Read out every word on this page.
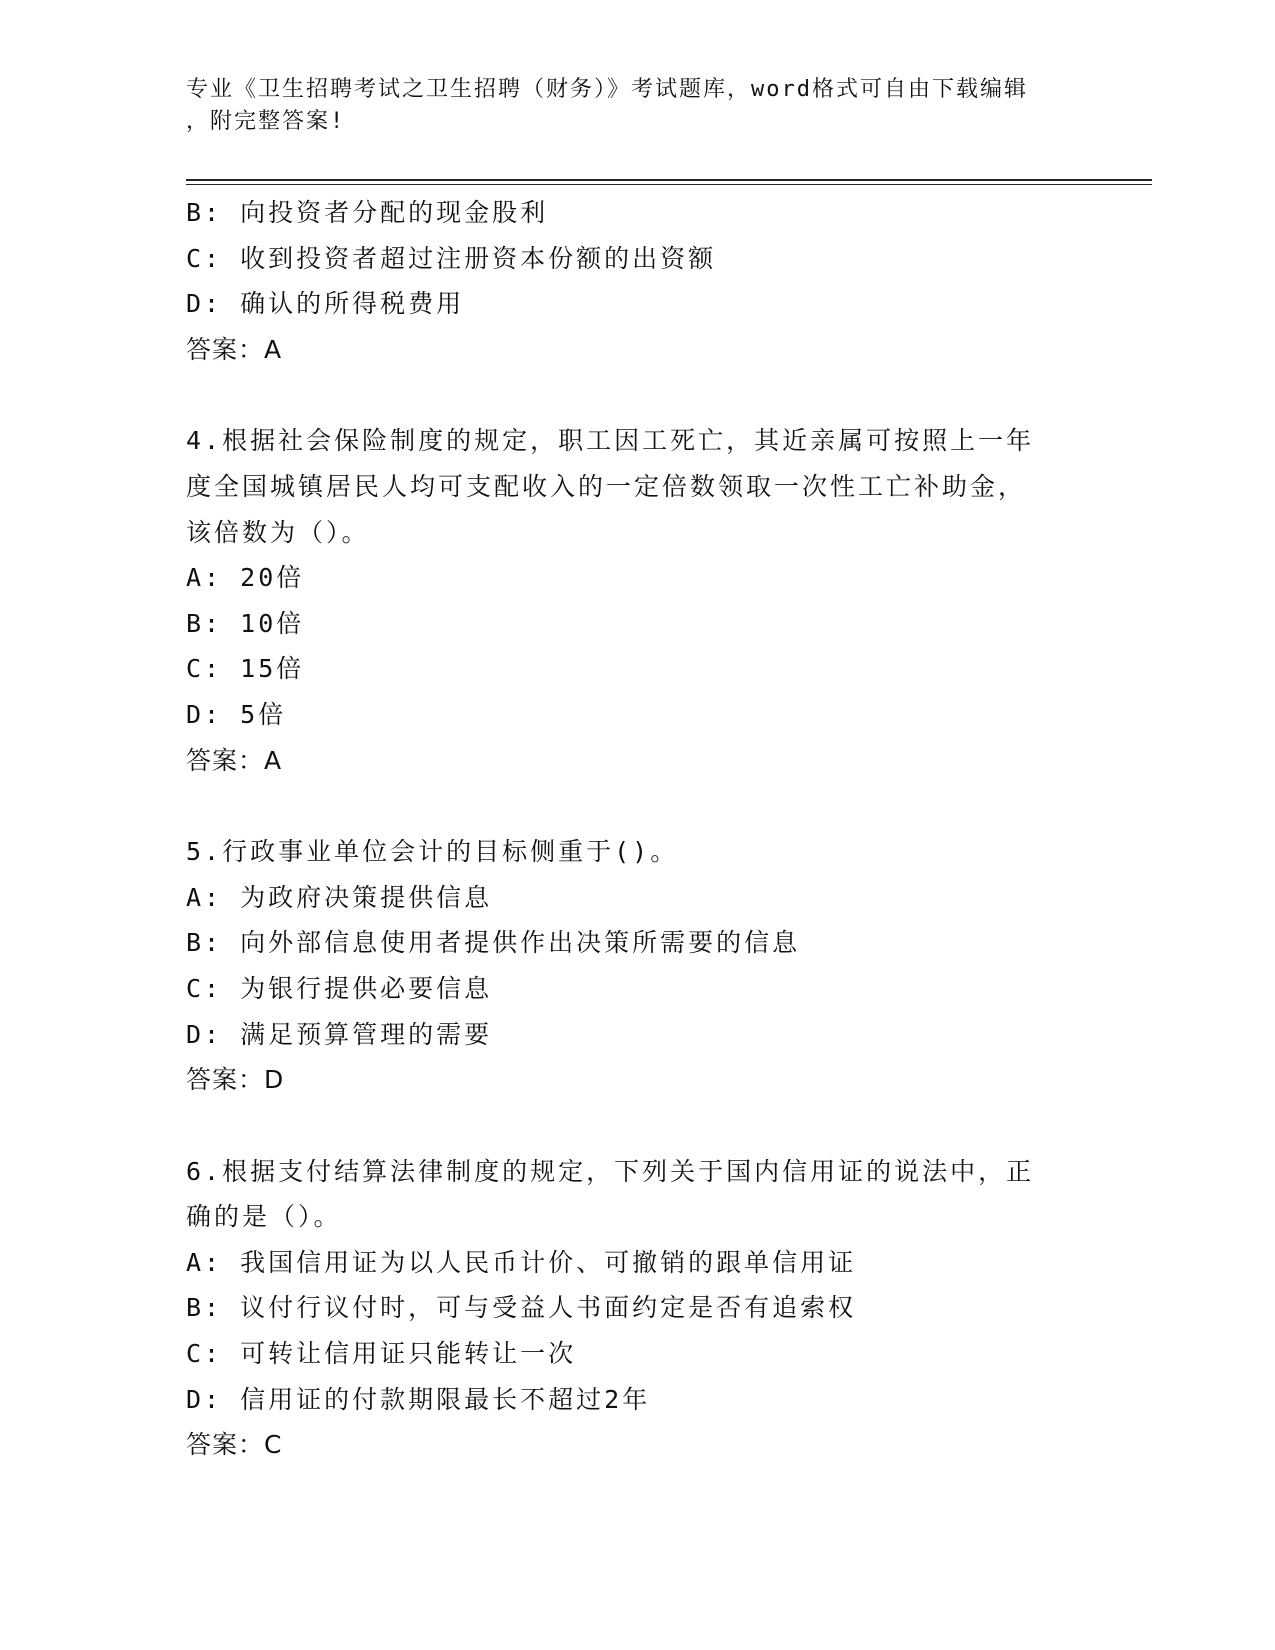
专业《卫生招聘考试之卫生招聘（财务）》考试题库，word格式可自由下载编辑
，附完整答案!
B: 向投资者分配的现金股利
C: 收到投资者超过注册资本份额的出资额
D: 确认的所得税费用
答案：A
4.根据社会保险制度的规定，职工因工死亡，其近亲属可按照上一年
度全国城镇居民人均可支配收入的一定倍数领取一次性工亡补助金，
该倍数为（）。
A: 20倍
B: 10倍
C: 15倍
D: 5倍
答案：A
5.行政事业单位会计的目标侧重于()。
A: 为政府决策提供信息
B: 向外部信息使用者提供作出决策所需要的信息
C: 为银行提供必要信息
D: 满足预算管理的需要
答案：D
6.根据支付结算法律制度的规定，下列关于国内信用证的说法中，正
确的是（）。
A: 我国信用证为以人民币计价、可撤销的跟单信用证
B: 议付行议付时，可与受益人书面约定是否有追索权
C: 可转让信用证只能转让一次
D: 信用证的付款期限最长不超过2年
答案：C
